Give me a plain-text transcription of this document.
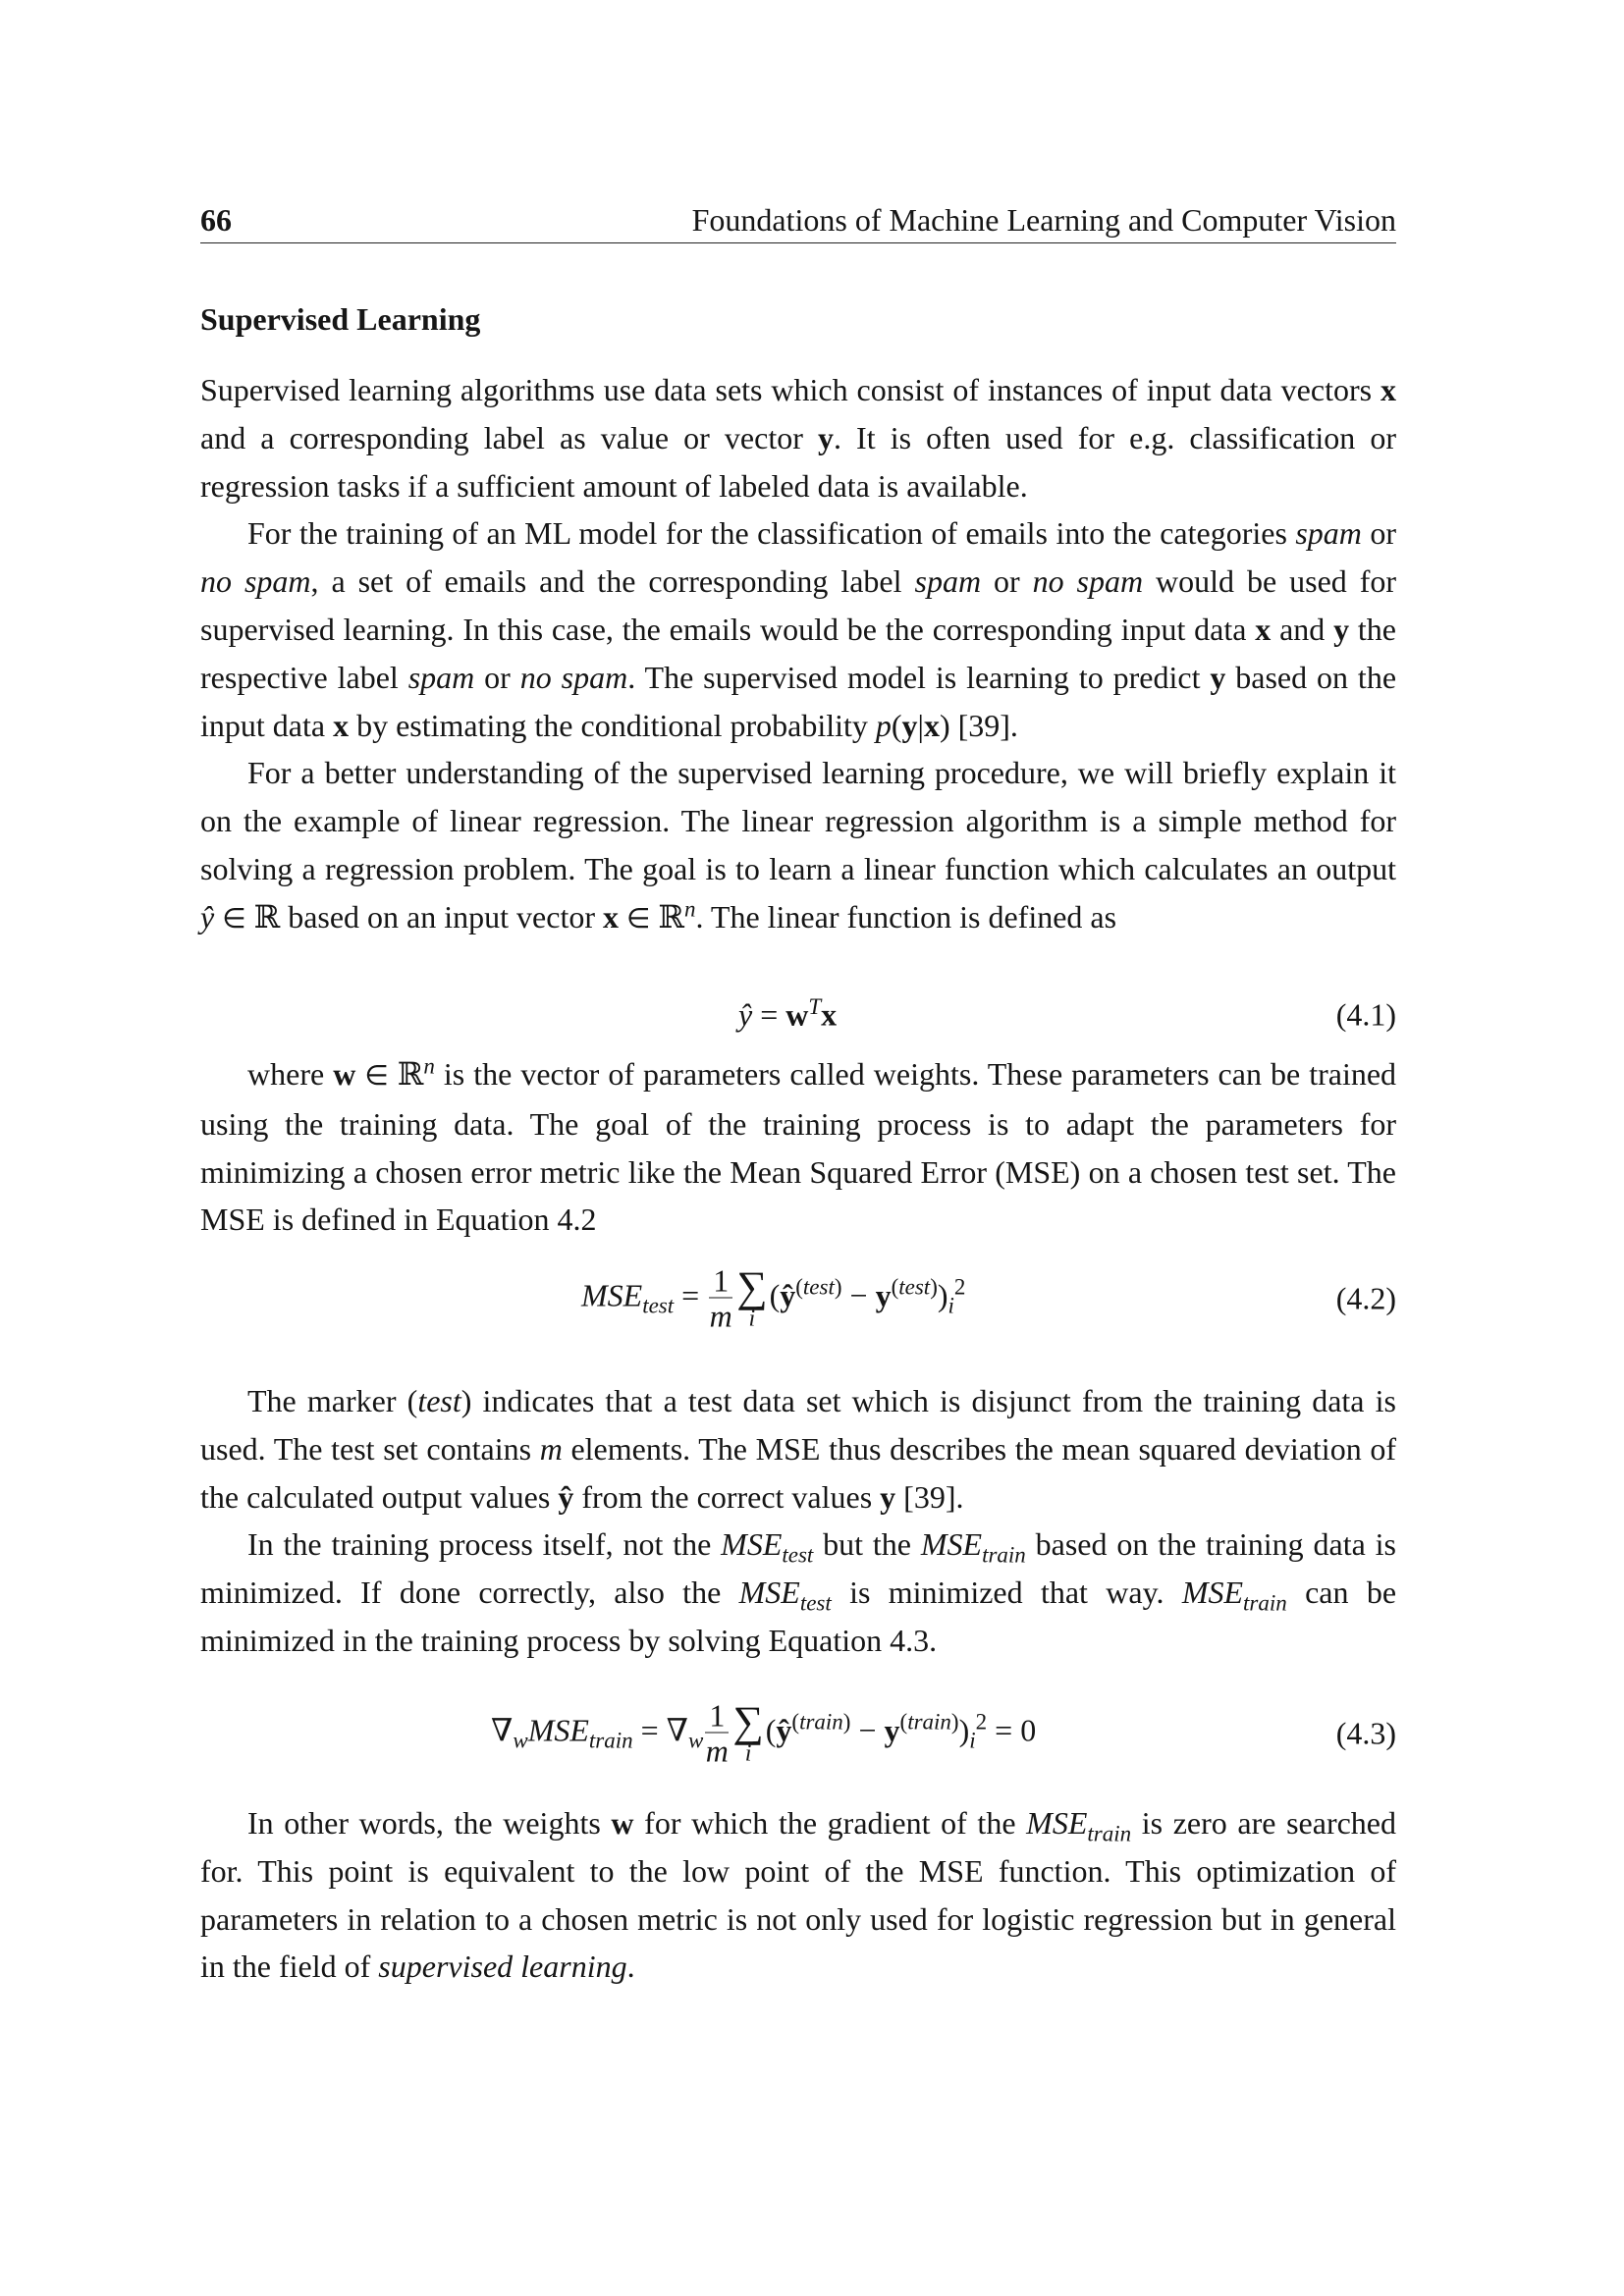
66	Foundations of Machine Learning and Computer Vision
Supervised Learning

Supervised learning algorithms use data sets which consist of instances of input data vectors x and a corresponding label as value or vector y. It is often used for e.g. classification or regression tasks if a sufficient amount of labeled data is available.

For the training of an ML model for the classification of emails into the categories spam or no spam, a set of emails and the corresponding label spam or no spam would be used for supervised learning. In this case, the emails would be the corresponding input data x and y the respective label spam or no spam. The supervised model is learning to predict y based on the input data x by estimating the conditional probability p(y|x) [39].

For a better understanding of the supervised learning procedure, we will briefly explain it on the example of linear regression. The linear regression algorithm is a simple method for solving a regression problem. The goal is to learn a linear function which calculates an output ŷ ∈ ℝ based on an input vector x ∈ ℝ$^n$. The linear function is defined as

ŷ = $w^Tx$	(4.1)

where w ∈ ℝ$^n$ is the vector of parameters called weights. These parameters can be trained using the training data. The goal of the training process is to adapt the parameters for minimizing a chosen error metric like the Mean Squared Error (MSE) on a chosen test set. The MSE is defined in Equation 4.2

$MSE_{test} = \frac{1}{m}$ ∑
i
$(ŷ^{(test)} - y^{(test)})_i^2$	(4.2)

The marker (test) indicates that a test data set which is disjunct from the training data is used. The test set contains m elements. The MSE thus describes the mean squared deviation of the calculated output values ŷ from the correct values y [39].

In the training process itself, not the $MSE_{test}$ but the $MSE_{train}$ based on the training data is minimized. If done correctly, also the $MSE_{test}$ is minimized that way. $MSE_{train}$ can be minimized in the training process by solving Equation 4.3.

$\nabla_wMSE_{train} = \nabla_w \frac{1}{m}$ ∑
i
$(ŷ^{(train)} - y^{(train)})_i^2 = 0$	(4.3)

In other words, the weights w for which the gradient of the $MSE_{train}$ is zero are searched for. This point is equivalent to the low point of the MSE function. This optimization of parameters in relation to a chosen metric is not only used for logistic regression but in general in the field of supervised learning.
